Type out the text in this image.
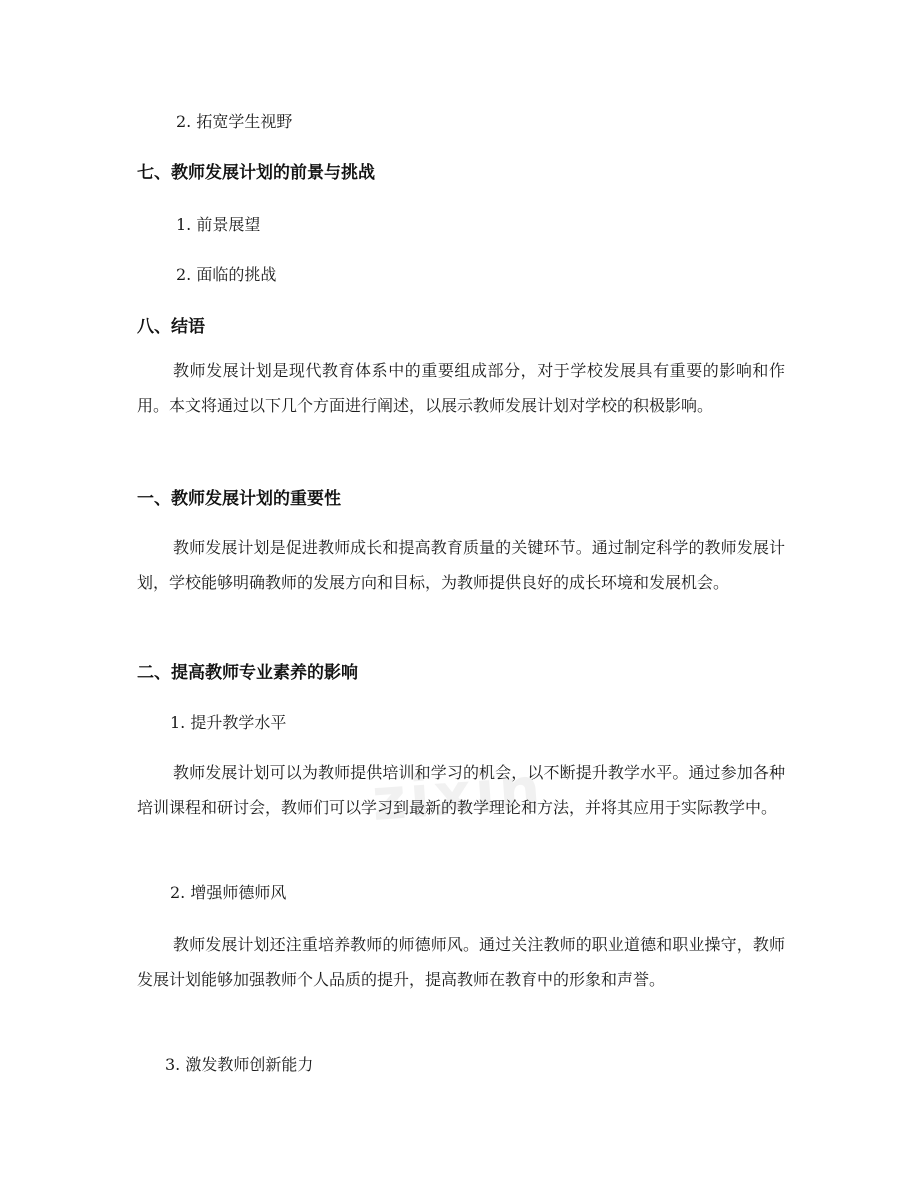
2. 拓宽学生视野
七、教师发展计划的前景与挑战
1. 前景展望
2. 面临的挑战
八、结语

教师发展计划是现代教育体系中的重要组成部分，对于学校发展具有重要的影响和作用。本文将通过以下几个方面进行阐述，以展示教师发展计划对学校的积极影响。

一、教师发展计划的重要性

教师发展计划是促进教师成长和提高教育质量的关键环节。通过制定科学的教师发展计划，学校能够明确教师的发展方向和目标，为教师提供良好的成长环境和发展机会。

二、提高教师专业素养的影响
1. 提升教学水平

教师发展计划可以为教师提供培训和学习的机会，以不断提升教学水平。通过参加各种培训课程和研讨会，教师们可以学习到最新的教学理论和方法，并将其应用于实际教学中。

2. 增强师德师风

教师发展计划还注重培养教师的师德师风。通过关注教师的职业道德和职业操守，教师发展计划能够加强教师个人品质的提升，提高教师在教育中的形象和声誉。

3. 激发教师创新能力
zixin
